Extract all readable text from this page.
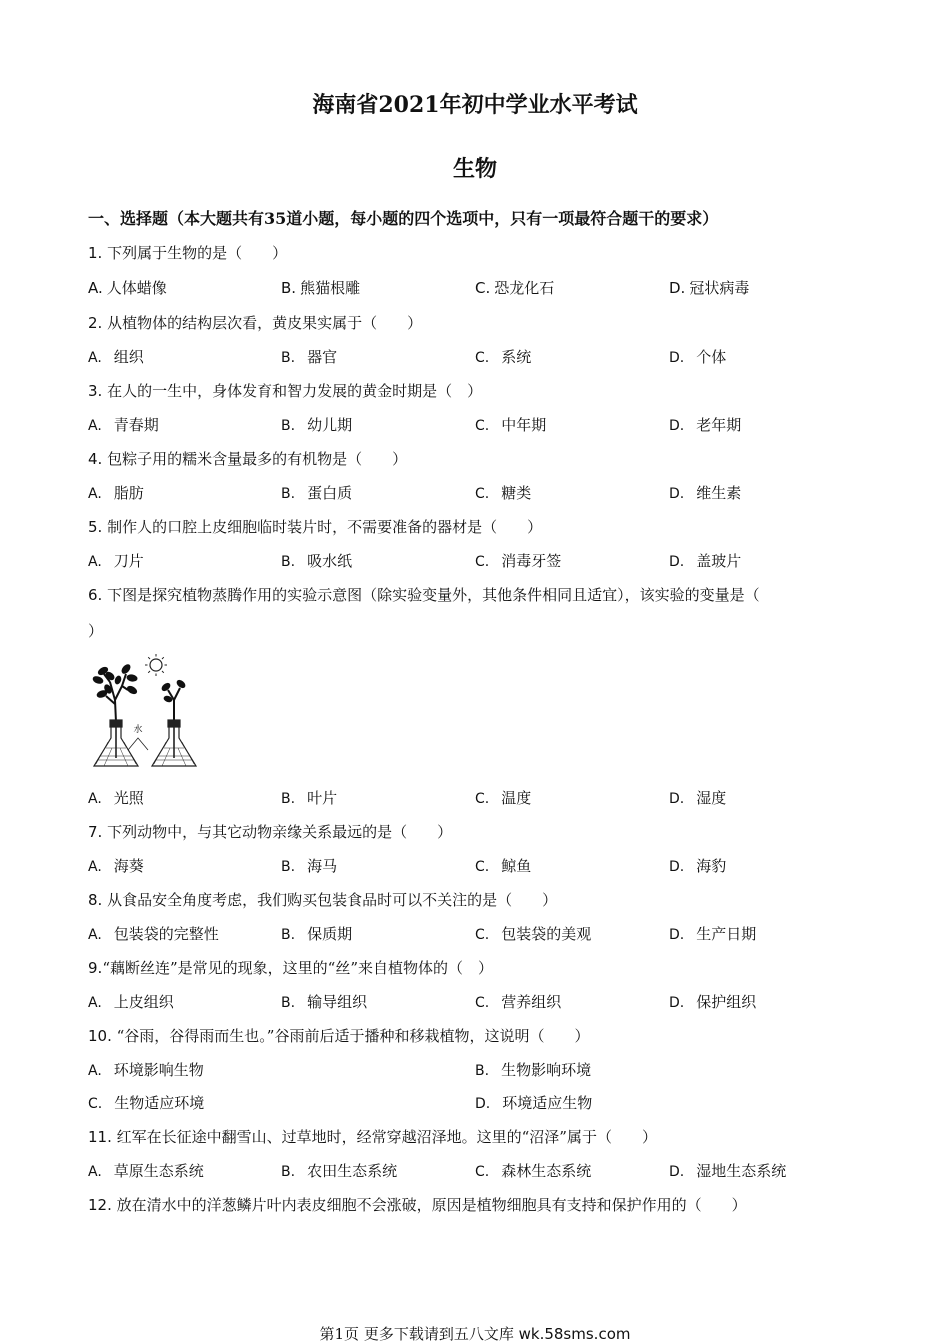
海南省2021年初中学业水平考试
生物
一、选择题（本大题共有35道小题，每小题的四个选项中，只有一项最符合题干的要求）
1. 下列属于生物的是（　　）
A. 人体蜡像	B. 熊猫根雕	C. 恐龙化石	D. 冠状病毒
2. 从植物体的结构层次看，黄皮果实属于（　　）
A. 组织	B. 器官	C. 系统	D. 个体
3. 在人的一生中，身体发育和智力发展的黄金时期是（　）
A. 青春期	B. 幼儿期	C. 中年期	D. 老年期
4. 包粽子用的糯米含量最多的有机物是（　　）
A. 脂肪	B. 蛋白质	C. 糖类	D. 维生素
5. 制作人的口腔上皮细胞临时装片时，不需要准备的器材是（　　）
A. 刀片	B. 吸水纸	C. 消毒牙签	D. 盖玻片
6. 下图是探究植物蒸腾作用的实验示意图（除实验变量外，其他条件相同且适宜），该实验的变量是（
）
水
A. 光照	B. 叶片	C. 温度	D. 湿度
7. 下列动物中，与其它动物亲缘关系最远的是（　　）
A. 海葵	B. 海马	C. 鲸鱼	D. 海豹
8. 从食品安全角度考虑，我们购买包装食品时可以不关注的是（　　）
A. 包装袋的完整性	B. 保质期	C. 包装袋的美观	D. 生产日期
9.“藕断丝连”是常见的现象，这里的“丝”来自植物体的（　）
A. 上皮组织	B. 输导组织	C. 营养组织	D. 保护组织
10. “谷雨，谷得雨而生也。”谷雨前后适于播种和移栽植物，这说明（　　）
A. 环境影响生物	B. 生物影响环境
C. 生物适应环境	D. 环境适应生物
11. 红军在长征途中翻雪山、过草地时，经常穿越沼泽地。这里的“沼泽”属于（　　）
A. 草原生态系统	B. 农田生态系统	C. 森林生态系统	D. 湿地生态系统
12. 放在清水中的洋葱鳞片叶内表皮细胞不会涨破，原因是植物细胞具有支持和保护作用的（　　）
第1页 更多下载请到五八文库 wk.58sms.com
